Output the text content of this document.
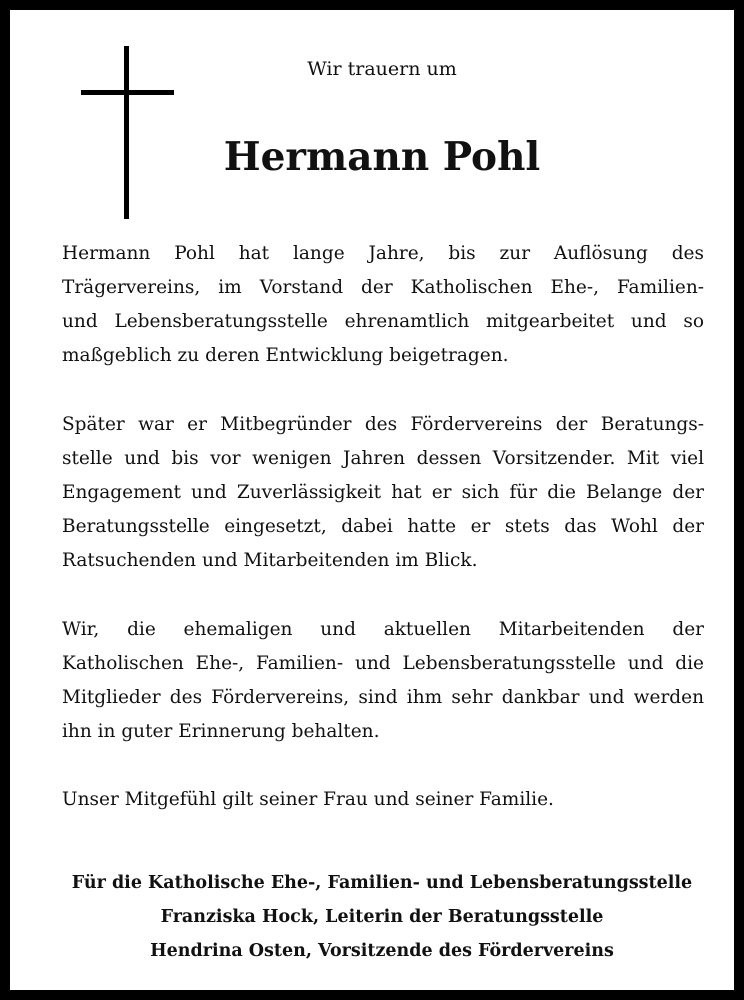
Wir trauern um
Hermann Pohl
Hermann Pohl hat lange Jahre, bis zur Auflösung des
Trägervereins, im Vorstand der Katholischen Ehe-, Familien-
und Lebensberatungsstelle ehrenamtlich mitgearbeitet und so
maßgeblich zu deren Entwicklung beigetragen.
Später war er Mitbegründer des Fördervereins der Beratungs-
stelle und bis vor wenigen Jahren dessen Vorsitzender. Mit viel
Engagement und Zuverlässigkeit hat er sich für die Belange der
Beratungsstelle eingesetzt, dabei hatte er stets das Wohl der
Ratsuchenden und Mitarbeitenden im Blick.
Wir, die ehemaligen und aktuellen Mitarbeitenden der
Katholischen Ehe-, Familien- und Lebensberatungsstelle und die
Mitglieder des Fördervereins, sind ihm sehr dankbar und werden
ihn in guter Erinnerung behalten.
Unser Mitgefühl gilt seiner Frau und seiner Familie.
Für die Katholische Ehe-, Familien- und Lebensberatungsstelle
Franziska Hock, Leiterin der Beratungsstelle
Hendrina Osten, Vorsitzende des Fördervereins
